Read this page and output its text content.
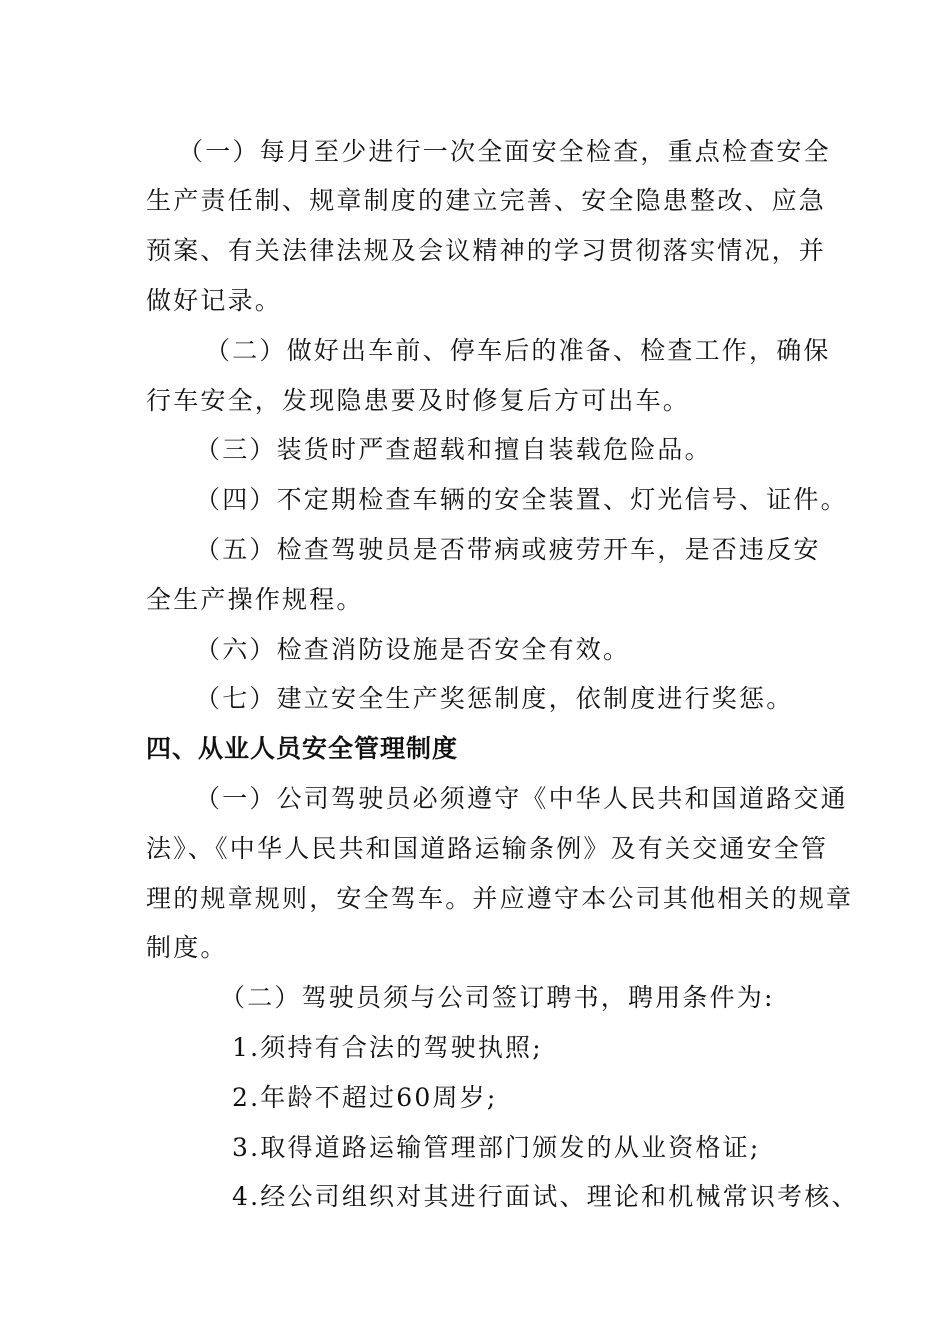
（一）每月至少进行一次全面安全检查，重点检查安全
生产责任制、规章制度的建立完善、安全隐患整改、应急
预案、有关法律法规及会议精神的学习贯彻落实情况，并
做好记录。
（二）做好出车前、停车后的准备、检查工作，确保
行车安全，发现隐患要及时修复后方可出车。
（三）装货时严查超载和擅自装载危险品。
（四）不定期检查车辆的安全装置、灯光信号、证件。
（五）检查驾驶员是否带病或疲劳开车，是否违反安
全生产操作规程。
（六）检查消防设施是否安全有效。
（七）建立安全生产奖惩制度，依制度进行奖惩。
四、从业人员安全管理制度
（一）公司驾驶员必须遵守《中华人民共和国道路交通
法》、《中华人民共和国道路运输条例》及有关交通安全管
理的规章规则，安全驾车。并应遵守本公司其他相关的规章
制度。
（二）驾驶员须与公司签订聘书，聘用条件为:
1.须持有合法的驾驶执照;
2.年龄不超过60周岁;
3.取得道路运输管理部门颁发的从业资格证;
4.经公司组织对其进行面试、理论和机械常识考核、
